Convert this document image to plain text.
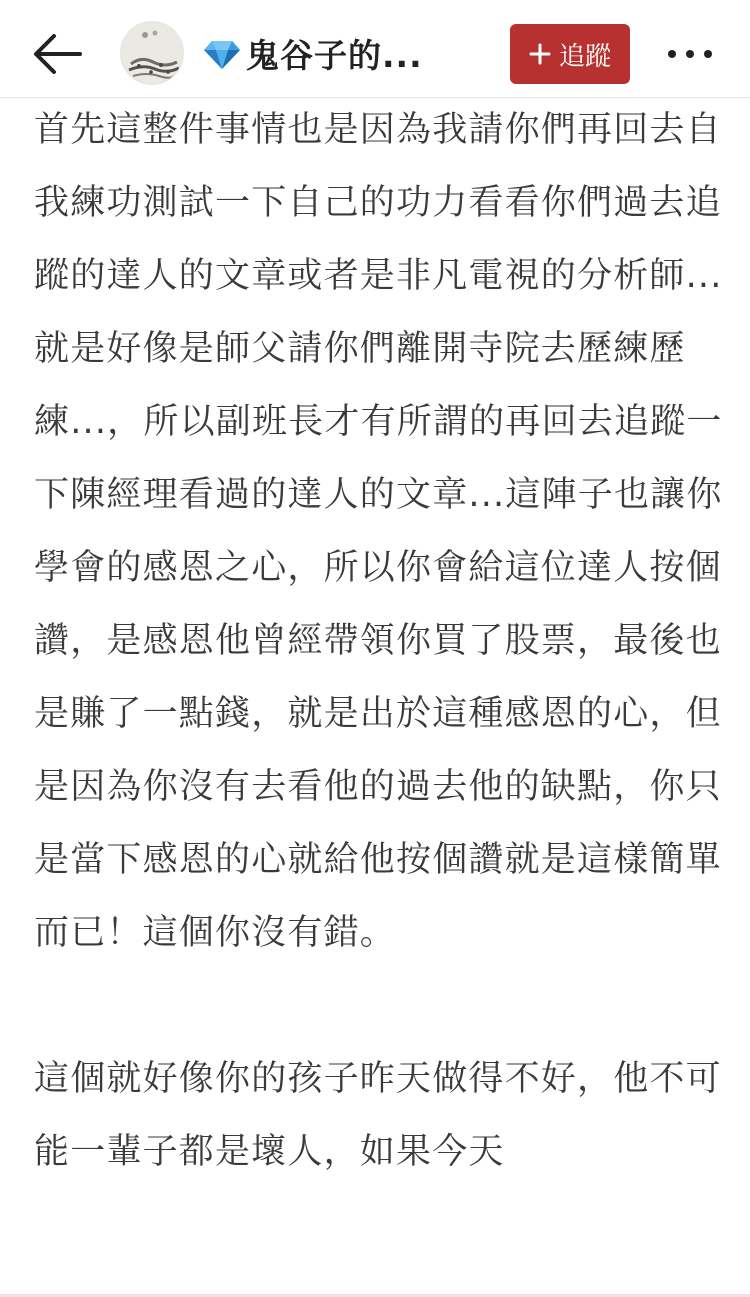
鬼谷子的...	追蹤

首先這整件事情也是因為我請你們再回去自我練功測試一下自己的功力看看你們過去追蹤的達人的文章或者是非凡電視的分析師...就是好像是師父請你們離開寺院去歷練歷練...，所以副班長才有所謂的再回去追蹤一下陳經理看過的達人的文章...這陣子也讓你學會的感恩之心，所以你會給這位達人按個讚，是感恩他曾經帶領你買了股票，最後也是賺了一點錢，就是出於這種感恩的心，但是因為你沒有去看他的過去他的缺點，你只是當下感恩的心就給他按個讚就是這樣簡單而已！這個你沒有錯。

這個就好像你的孩子昨天做得不好，他不可能一輩子都是壞人，如果今天
